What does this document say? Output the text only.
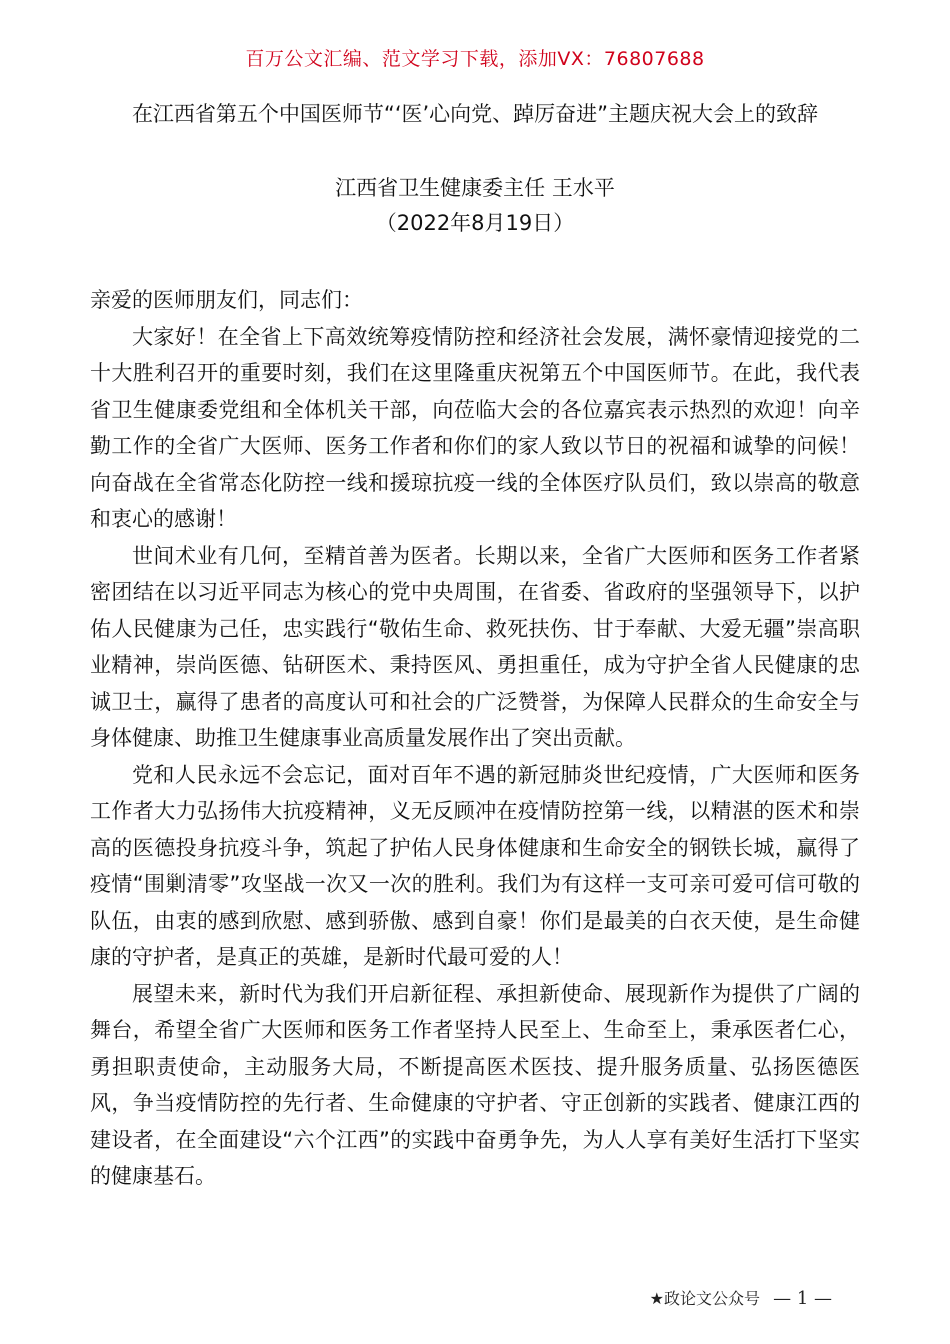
百万公文汇编、范文学习下载，添加VX：76807688
在江西省第五个中国医师节“‘医’心向党、踔厉奋进”主题庆祝大会上的致辞
江西省卫生健康委主任 王水平
（2022年8月19日）

亲爱的医师朋友们，同志们：

大家好！在全省上下高效统筹疫情防控和经济社会发展，满怀豪情迎接党的二十大胜利召开的重要时刻，我们在这里隆重庆祝第五个中国医师节。在此，我代表省卫生健康委党组和全体机关干部，向莅临大会的各位嘉宾表示热烈的欢迎！向辛勤工作的全省广大医师、医务工作者和你们的家人致以节日的祝福和诚挚的问候！向奋战在全省常态化防控一线和援琼抗疫一线的全体医疗队员们，致以崇高的敬意和衷心的感谢！

世间术业有几何，至精首善为医者。长期以来，全省广大医师和医务工作者紧密团结在以习近平同志为核心的党中央周围，在省委、省政府的坚强领导下，以护佑人民健康为己任，忠实践行“敬佑生命、救死扶伤、甘于奉献、大爱无疆”崇高职业精神，崇尚医德、钻研医术、秉持医风、勇担重任，成为守护全省人民健康的忠诚卫士，赢得了患者的高度认可和社会的广泛赞誉，为保障人民群众的生命安全与身体健康、助推卫生健康事业高质量发展作出了突出贡献。

党和人民永远不会忘记，面对百年不遇的新冠肺炎世纪疫情，广大医师和医务工作者大力弘扬伟大抗疫精神，义无反顾冲在疫情防控第一线，以精湛的医术和崇高的医德投身抗疫斗争，筑起了护佑人民身体健康和生命安全的钢铁长城，赢得了疫情“围剿清零”攻坚战一次又一次的胜利。我们为有这样一支可亲可爱可信可敬的队伍，由衷的感到欣慰、感到骄傲、感到自豪！你们是最美的白衣天使，是生命健康的守护者，是真正的英雄，是新时代最可爱的人！

展望未来，新时代为我们开启新征程、承担新使命、展现新作为提供了广阔的舞台，希望全省广大医师和医务工作者坚持人民至上、生命至上，秉承医者仁心，勇担职责使命，主动服务大局，不断提高医术医技、提升服务质量、弘扬医德医风，争当疫情防控的先行者、生命健康的守护者、守正创新的实践者、健康江西的建设者，在全面建设“六个江西”的实践中奋勇争先，为人人享有美好生活打下坚实的健康基石。

★政论文公众号 — 1 —
